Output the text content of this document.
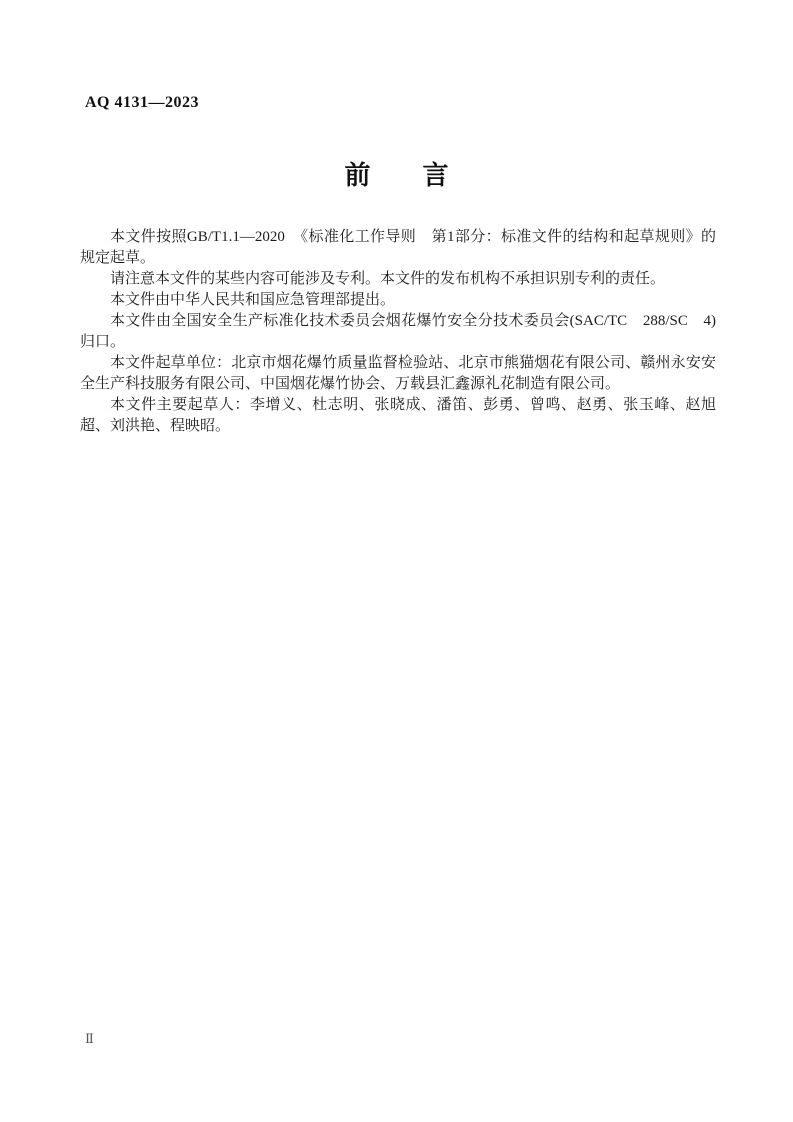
AQ 4131—2023
前　　言

本文件按照GB/T1.1—2020　《标准化工作导则　第1部分：标准文件的结构和起草规则》的规定起草。

请注意本文件的某些内容可能涉及专利。本文件的发布机构不承担识别专利的责任。

本文件由中华人民共和国应急管理部提出。

本文件由全国安全生产标准化技术委员会烟花爆竹安全分技术委员会(SAC/TC　288/SC　4)归口。

本文件起草单位：北京市烟花爆竹质量监督检验站、北京市熊猫烟花有限公司、赣州永安安全生产科技服务有限公司、中国烟花爆竹协会、万载县汇鑫源礼花制造有限公司。

本文件主要起草人：李增义、杜志明、张晓成、潘笛、彭勇、曾鸣、赵勇、张玉峰、赵旭超、刘洪艳、程映昭。

Ⅱ
